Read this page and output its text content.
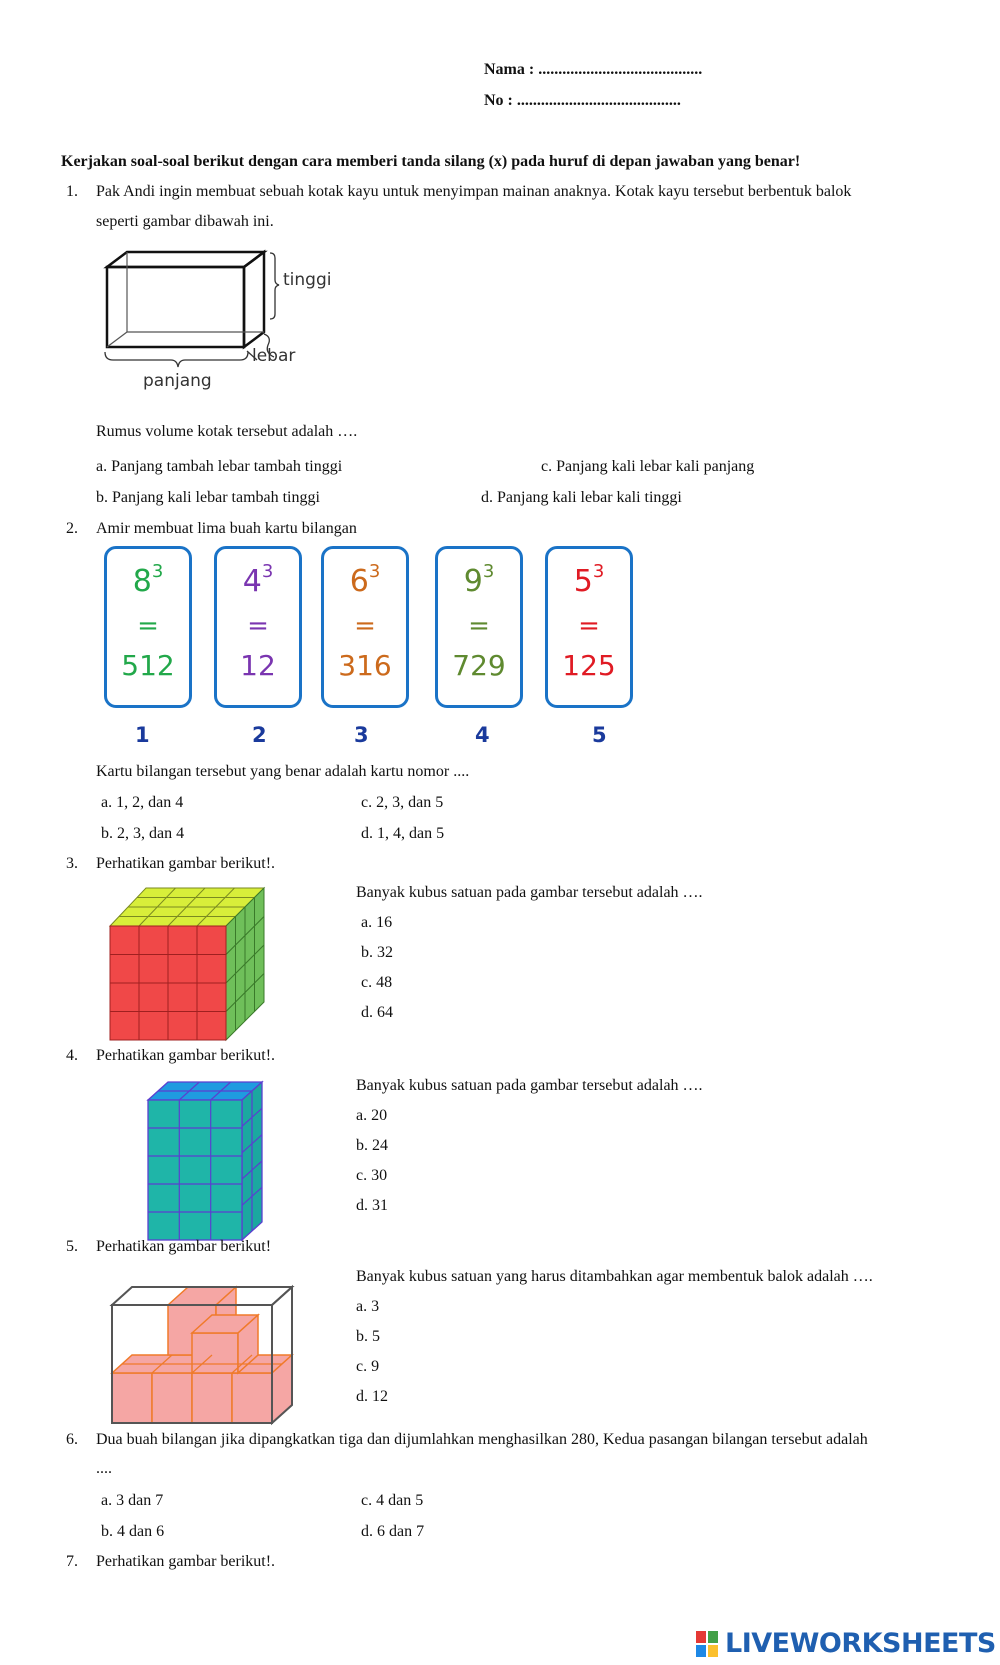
Nama : .........................................
No : .........................................
Kerjakan soal-soal berikut dengan cara memberi tanda silang (x) pada huruf di depan jawaban yang benar!
1. Pak Andi ingin membuat sebuah kotak kayu untuk menyimpan mainan anaknya. Kotak kayu tersebut berbentuk balok
seperti gambar dibawah ini.
tinggi
lebar
panjang
Rumus volume kotak tersebut adalah ….
a. Panjang tambah lebar tambah tinggi	c. Panjang kali lebar kali panjang
b. Panjang kali lebar tambah tinggi	d. Panjang kali lebar kali tinggi
2. Amir membuat lima buah kartu bilangan
$8^3$
=
512
1
$4^3$
=
12
2
$6^3$
=
316
3
$9^3$
=
729
4
$5^3$
=
125
5
Kartu bilangan tersebut yang benar adalah kartu nomor ....
a. 1, 2, dan 4	c. 2, 3, dan 5
b. 2, 3, dan 4	d. 1, 4, dan 5
3. Perhatikan gambar berikut!.
Banyak kubus satuan pada gambar tersebut adalah ….
a. 16
b. 32
c. 48
d. 64
4. Perhatikan gambar berikut!.
Banyak kubus satuan pada gambar tersebut adalah ….
a. 20
b. 24
c. 30
d. 31
5. Perhatikan gambar berikut!
Banyak kubus satuan yang harus ditambahkan agar membentuk balok adalah ….
a. 3
b. 5
c. 9
d. 12
6. Dua buah bilangan jika dipangkatkan tiga dan dijumlahkan menghasilkan 280, Kedua pasangan bilangan tersebut adalah
....
a. 3 dan 7	c. 4 dan 5
b. 4 dan 6	d. 6 dan 7
7. Perhatikan gambar berikut!.
LIVEWORKSHEETS
